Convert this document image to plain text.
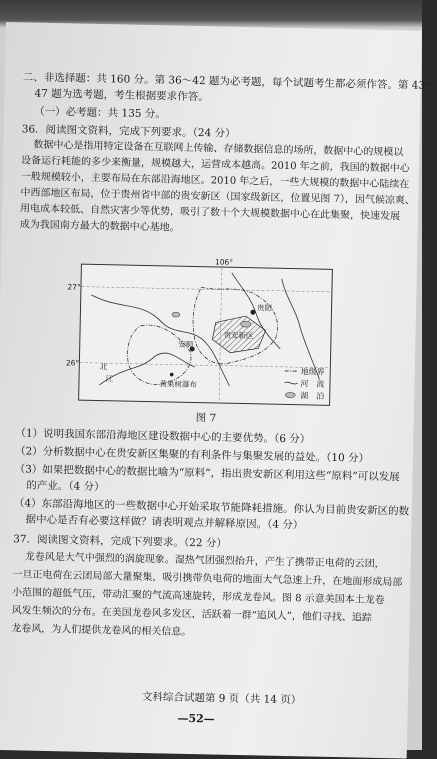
二、非选择题：共 160 分。第 36～42 题为必考题，每个试题考生都必须作答。第 43～
47 题为选考题，考生根据要求作答。
（一）必考题：共 135 分。
36．阅读图文资料，完成下列要求。（24 分）
数据中心是指用特定设备在互联网上传输、存储数据信息的场所，数据中心的规模以
设备运行耗能的多少来衡量，规模越大，运营成本越高。2010 年之前，我国的数据中心
一般规模较小，主要布局在东部沿海地区。2010 年之后，一些大规模的数据中心陆续在
中西部地区布局，位于贵州省中部的贵安新区（国家级新区，位置见图 7），因气候凉爽、
用电成本较低、自然灾害少等优势，吸引了数十个大规模数据中心在此集聚，快速发展
成为我国南方最大的数据中心基地。
106°
27°
26°
贵阳
贵安新区
安顺
黄果树瀑布
北
江
地级界
河　流
湖　泊
图 7
（1）说明我国东部沿海地区建设数据中心的主要优势。（6 分）
（2）分析数据中心在贵安新区集聚的有利条件与集聚发展的益处。（10 分）
（3）如果把数据中心的数据比喻为“原料”，指出贵安新区利用这些“原料”可以发展
的产业。（4 分）
（4）东部沿海地区的一些数据中心开始采取节能降耗措施。你认为目前贵安新区的数
据中心是否有必要这样做？请表明观点并解释原因。（4 分）
37．阅读图文资料，完成下列要求。（22 分）
龙卷风是大气中强烈的涡旋现象。湿热气团强烈抬升，产生了携带正电荷的云团，
一旦正电荷在云团局部大量聚集，吸引携带负电荷的地面大气急速上升，在地面形成局部
小范围的超低气压，带动汇聚的气流高速旋转，形成龙卷风。图 8 示意美国本土龙卷
风发生频次的分布。在美国龙卷风多发区，活跃着一群“追风人”，他们寻找、追踪
龙卷风，为人们提供龙卷风的相关信息。
文科综合试题第 9 页（共 14 页）
—52—
